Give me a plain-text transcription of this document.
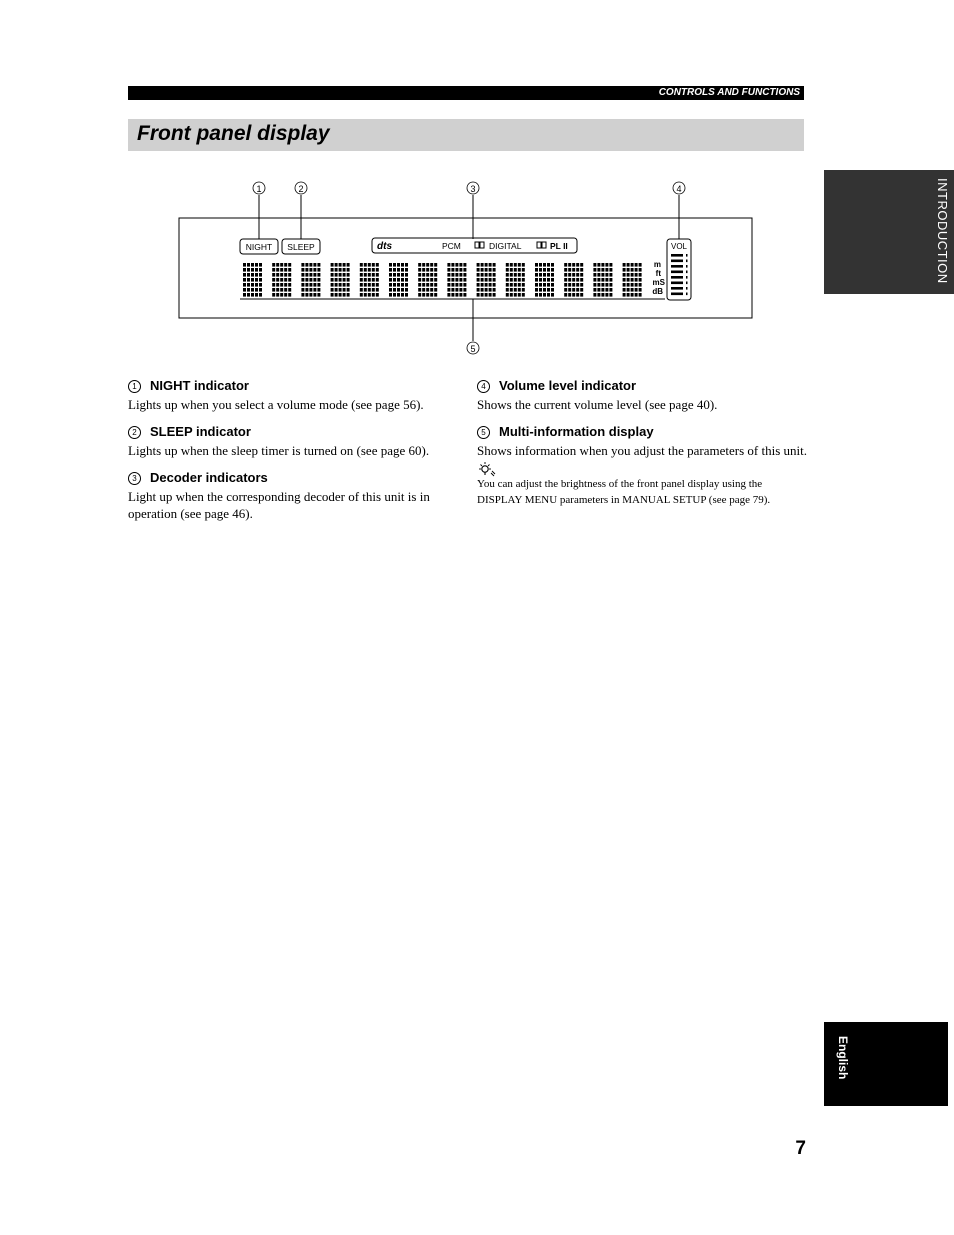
CONTROLS AND FUNCTIONS
Front panel display
INTRODUCTION
1	2	3	4
5
NIGHT SLEEP	dts	PCM	DIGITAL	PL II
m
ft
mS
dB
VOL
1 NIGHT indicator

Lights up when you select a volume mode (see page 56).

2 SLEEP indicator

Lights up when the sleep timer is turned on (see page 60).

3 Decoder indicators

Light up when the corresponding decoder of this unit is in operation (see page 46).

4 Volume level indicator

Shows the current volume level (see page 40).

5 Multi-information display

Shows information when you adjust the parameters of this unit.

You can adjust the brightness of the front panel display using the DISPLAY MENU parameters in MANUAL SETUP (see page 79).

English
7
